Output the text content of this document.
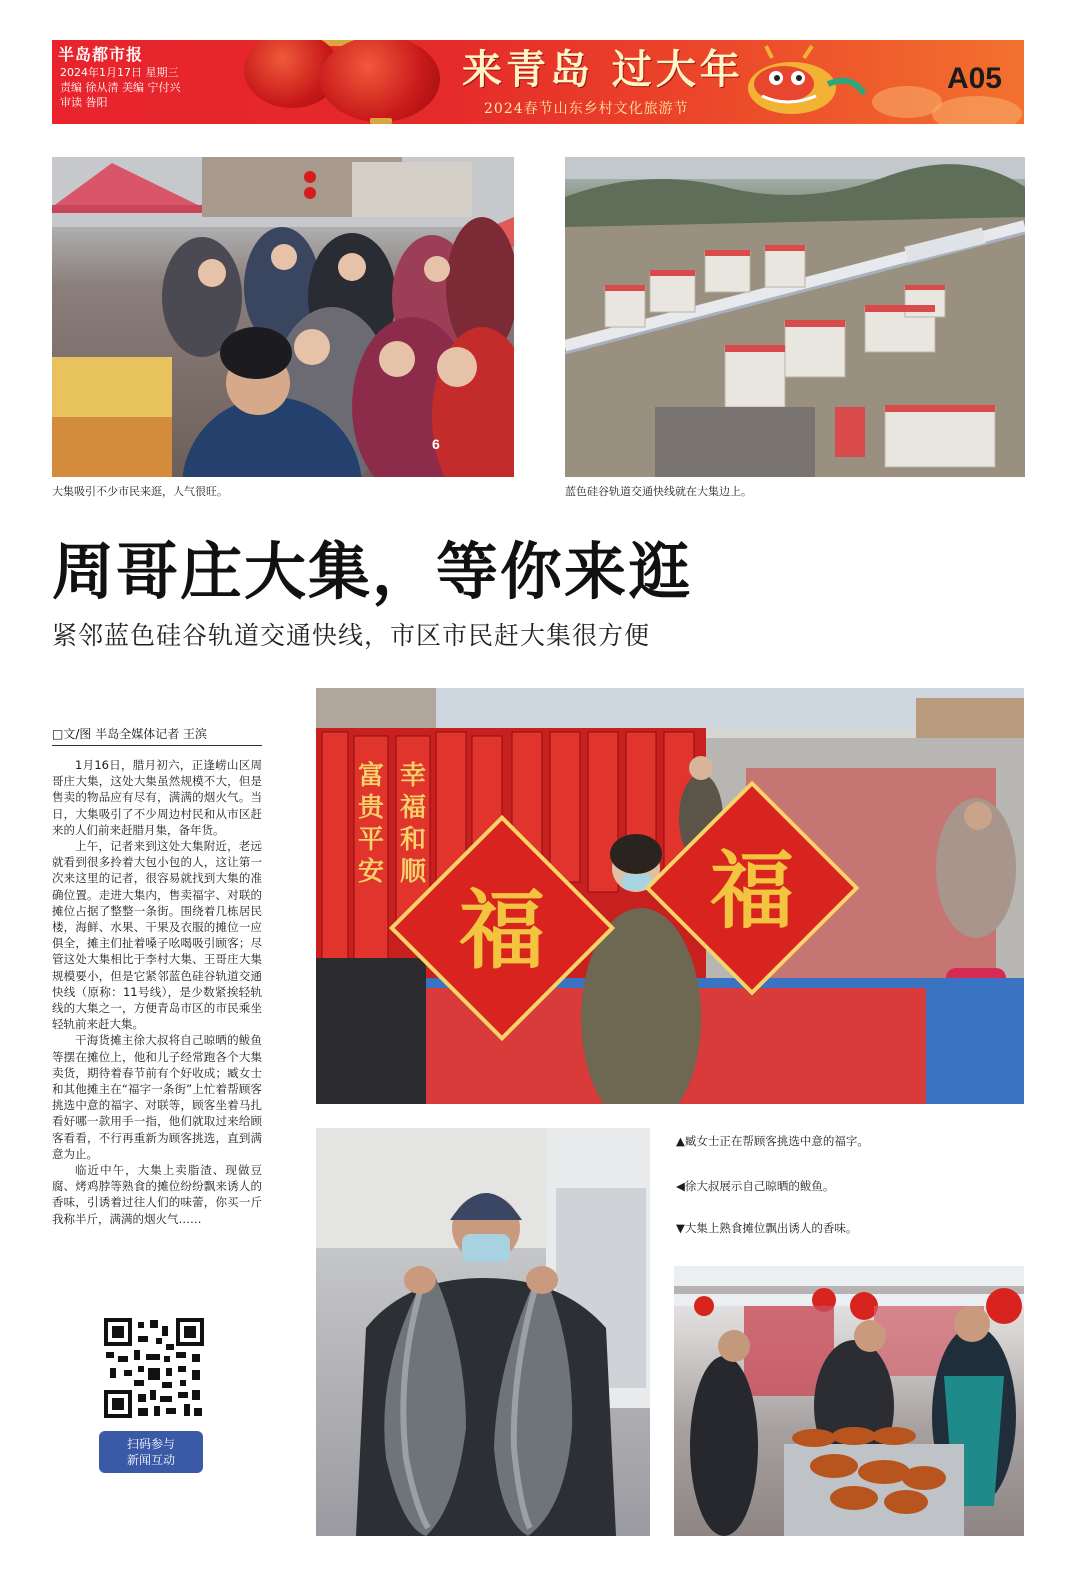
半岛都市报
2024年1月17日 星期三
责编 徐从清 美编 宁付兴
审读 昝阳
来青岛 过大年
2024春节山东乡村文化旅游节
A05
6
大集吸引不少市民来逛，人气很旺。	蓝色硅谷轨道交通快线就在大集边上。
周哥庄大集，等你来逛
紧邻蓝色硅谷轨道交通快线，市区市民赶大集很方便
□文/图 半岛全媒体记者 王滨

1月16日，腊月初六，正逢崂山区周哥庄大集，这处大集虽然规模不大，但是售卖的物品应有尽有，满满的烟火气。当日，大集吸引了不少周边村民和从市区赶来的人们前来赶腊月集，备年货。

上午，记者来到这处大集附近，老远就看到很多拎着大包小包的人，这让第一次来这里的记者，很容易就找到大集的准确位置。走进大集内，售卖福字、对联的摊位占据了整整一条街。围绕着几栋居民楼，海鲜、水果、干果及衣服的摊位一应俱全，摊主们扯着嗓子吆喝吸引顾客；尽管这处大集相比于李村大集、王哥庄大集规模要小，但是它紧邻蓝色硅谷轨道交通快线（原称：11号线），是少数紧挨轻轨线的大集之一，方便青岛市区的市民乘坐轻轨前来赶大集。

干海货摊主徐大叔将自己晾晒的鲅鱼等摆在摊位上，他和儿子经常跑各个大集卖货，期待着春节前有个好收成；臧女士和其他摊主在“福字一条街”上忙着帮顾客挑选中意的福字、对联等，顾客坐着马扎看好哪一款用手一指，他们就取过来给顾客看看，不行再重新为顾客挑选，直到满意为止。

临近中午，大集上卖脂渣、现做豆腐、烤鸡脖等熟食的摊位纷纷飘来诱人的香味，引诱着过往人们的味蕾，你买一斤我称半斤，满满的烟火气……

扫码参与
新闻互动
富贵平安
幸福和顺
福 福
▲臧女士正在帮顾客挑选中意的福字。
◀徐大叔展示自己晾晒的鲅鱼。
▼大集上熟食摊位飘出诱人的香味。
